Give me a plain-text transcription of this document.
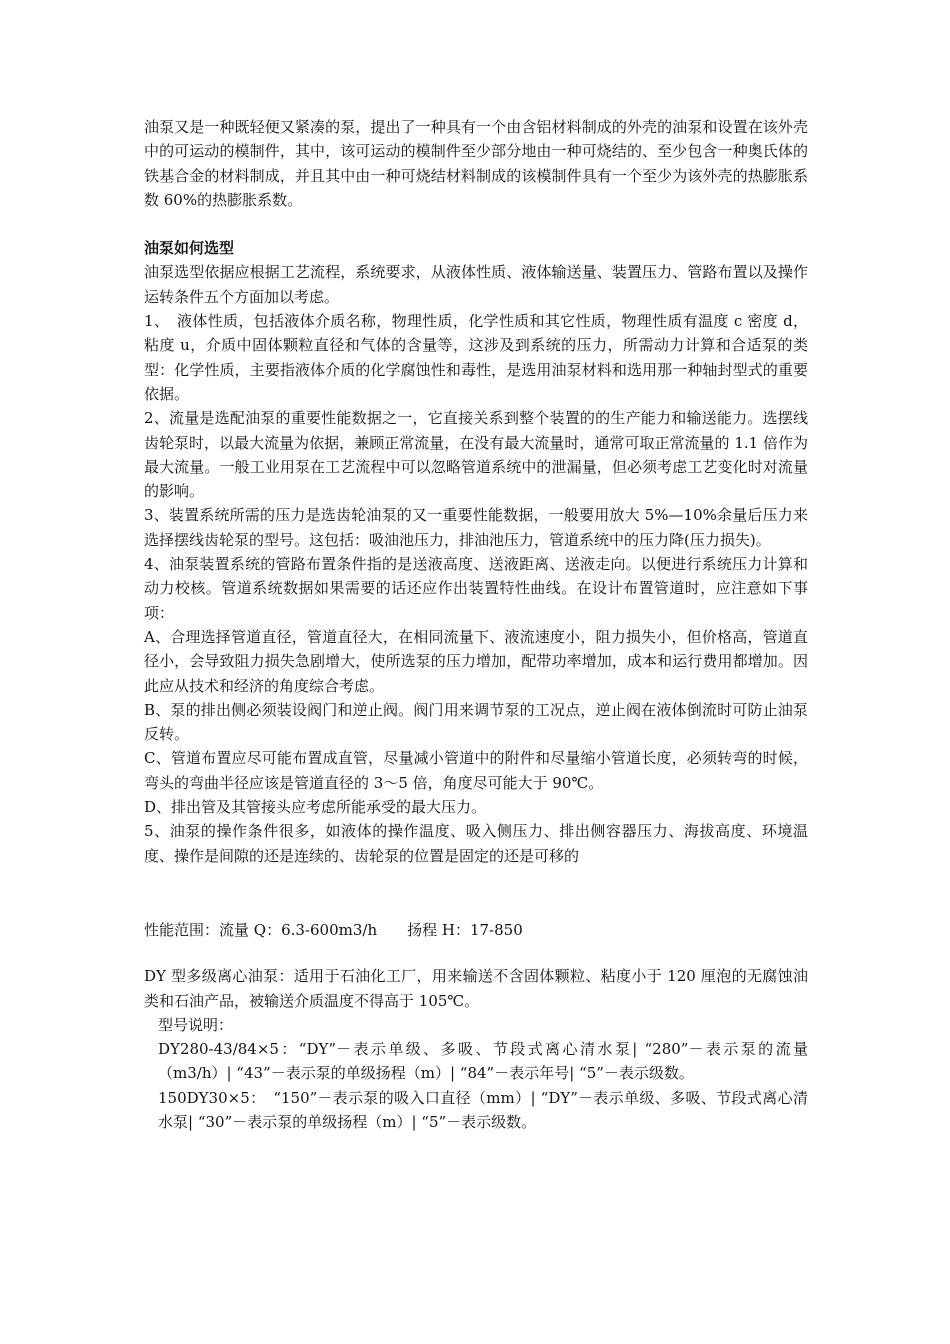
油泵又是一种既轻便又紧凑的泵，提出了一种具有一个由含铝材料制成的外壳的油泵和设置在该外壳中的可运动的模制件，其中，该可运动的模制件至少部分地由一种可烧结的、至少包含一种奥氏体的铁基合金的材料制成，并且其中由一种可烧结材料制成的该模制件具有一个至少为该外壳的热膨胀系数 60%的热膨胀系数。

油泵如何选型

油泵选型依据应根据工艺流程，系统要求，从液体性质、液体输送量、装置压力、管路布置以及操作运转条件五个方面加以考虑。

1、　液体性质，包括液体介质名称，物理性质，化学性质和其它性质，物理性质有温度 c 密度 d，粘度 u，介质中固体颗粒直径和气体的含量等，这涉及到系统的压力，所需动力计算和合适泵的类型：化学性质，主要指液体介质的化学腐蚀性和毒性，是选用油泵材料和选用那一种轴封型式的重要依据。

2、流量是选配油泵的重要性能数据之一，它直接关系到整个装置的的生产能力和输送能力。选摆线齿轮泵时，以最大流量为依据，兼顾正常流量，在没有最大流量时，通常可取正常流量的 1.1 倍作为最大流量。一般工业用泵在工艺流程中可以忽略管道系统中的泄漏量，但必须考虑工艺变化时对流量的影响。

3、装置系统所需的压力是选齿轮油泵的又一重要性能数据，一般要用放大 5%—10%余量后压力来选择摆线齿轮泵的型号。这包括：吸油池压力，排油池压力，管道系统中的压力降(压力损失)。

4、油泵装置系统的管路布置条件指的是送液高度、送液距离、送液走向。以便进行系统压力计算和动力校核。管道系统数据如果需要的话还应作出装置特性曲线。在设计布置管道时，应注意如下事项：

A、合理选择管道直径，管道直径大，在相同流量下、液流速度小，阻力损失小，但价格高，管道直径小，会导致阻力损失急剧增大，使所选泵的压力增加，配带功率增加，成本和运行费用都增加。因此应从技术和经济的角度综合考虑。

B、泵的排出侧必须装设阀门和逆止阀。阀门用来调节泵的工况点，逆止阀在液体倒流时可防止油泵反转。

C、管道布置应尽可能布置成直管，尽量减小管道中的附件和尽量缩小管道长度，必须转弯的时候，弯头的弯曲半径应该是管道直径的 3～5 倍，角度尽可能大于 90℃。

D、排出管及其管接头应考虑所能承受的最大压力。

5、油泵的操作条件很多，如液体的操作温度、吸入侧压力、排出侧容器压力、海拔高度、环境温度、操作是间隙的还是连续的、齿轮泵的位置是固定的还是可移的

性能范围：流量 Q：6.3-600m3/h　　扬程 H：17-850

DY 型多级离心油泵：适用于石油化工厂，用来输送不含固体颗粒、粘度小于 120 厘泡的无腐蚀油类和石油产品，被输送介质温度不得高于 105℃。

型号说明：

DY280-43/84×5：“DY”－表示单级、多吸、节段式离心清水泵| “280”－表示泵的流量（m3/h）| “43”－表示泵的单级扬程（m）| “84”－表示年号| “5”－表示级数。

150DY30×5：　“150”－表示泵的吸入口直径（mm）| “DY”－表示单级、多吸、节段式离心清水泵| “30”－表示泵的单级扬程（m）| “5”－表示级数。
